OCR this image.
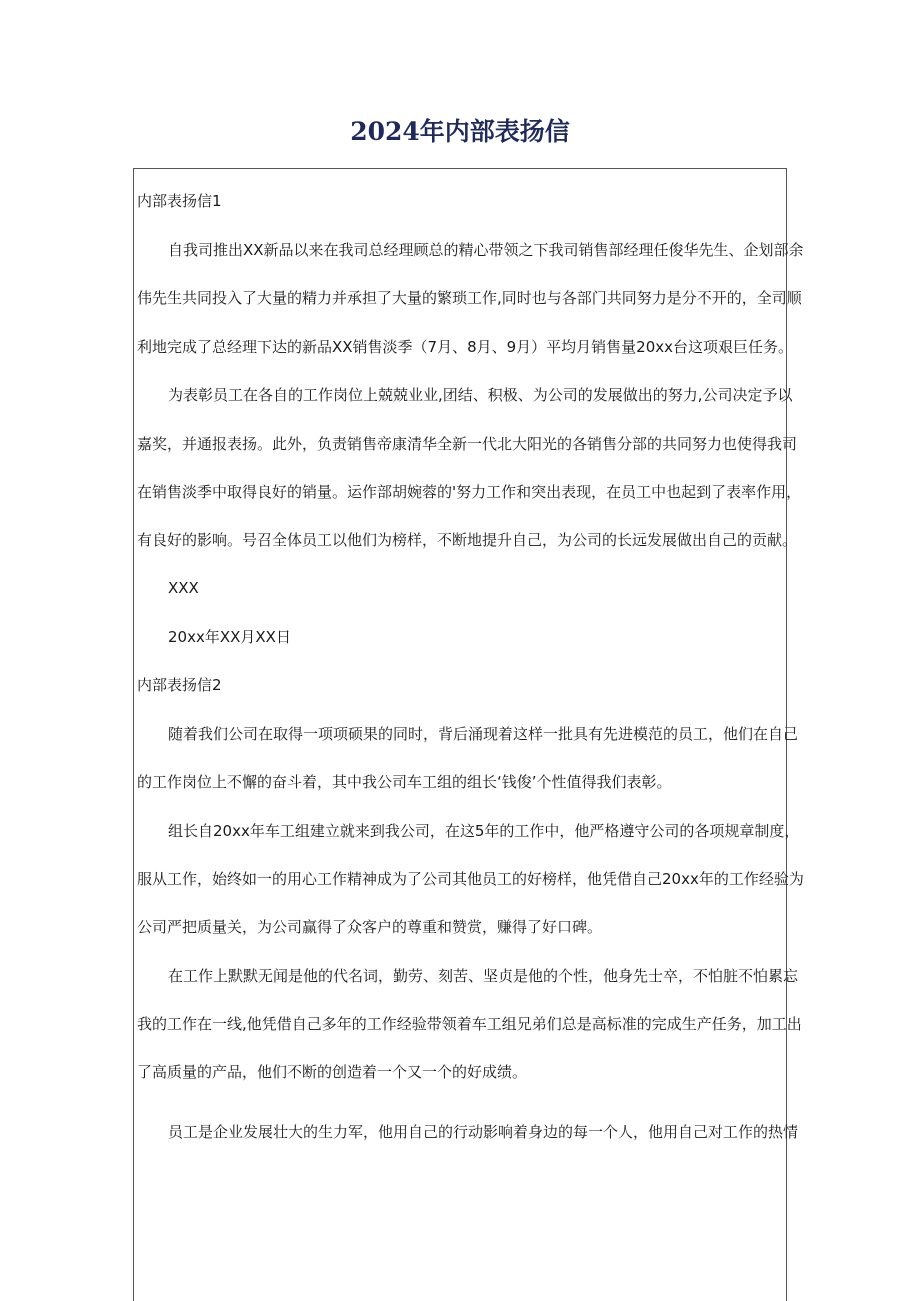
2024年内部表扬信

内部表扬信1

自我司推出XX新品以来在我司总经理顾总的精心带领之下我司销售部经理任俊华先生、企划部余

伟先生共同投入了大量的精力并承担了大量的繁琐工作,同时也与各部门共同努力是分不开的，全司顺

利地完成了总经理下达的新品XX销售淡季（7月、8月、9月）平均月销售量20xx台这项艰巨任务。

为表彰员工在各自的工作岗位上兢兢业业,团结、积极、为公司的发展做出的努力,公司决定予以

嘉奖，并通报表扬。此外，负责销售帝康清华全新一代北大阳光的各销售分部的共同努力也使得我司

在销售淡季中取得良好的销量。运作部胡婉蓉的'努力工作和突出表现，在员工中也起到了表率作用，

有良好的影响。号召全体员工以他们为榜样，不断地提升自己，为公司的长远发展做出自己的贡献。

XXX

20xx年XX月XX日

内部表扬信2

随着我们公司在取得一项项硕果的同时，背后涌现着这样一批具有先进模范的员工，他们在自己

的工作岗位上不懈的奋斗着，其中我公司车工组的组长‘钱俊’个性值得我们表彰。

组长自20xx年车工组建立就来到我公司，在这5年的工作中，他严格遵守公司的各项规章制度，

服从工作，始终如一的用心工作精神成为了公司其他员工的好榜样，他凭借自己20xx年的工作经验为

公司严把质量关，为公司赢得了众客户的尊重和赞赏，赚得了好口碑。

在工作上默默无闻是他的代名词，勤劳、刻苦、坚贞是他的个性，他身先士卒，不怕脏不怕累忘

我的工作在一线,他凭借自己多年的工作经验带领着车工组兄弟们总是高标准的完成生产任务，加工出

了高质量的产品，他们不断的创造着一个又一个的好成绩。

员工是企业发展壮大的生力军，他用自己的行动影响着身边的每一个人，他用自己对工作的热情
